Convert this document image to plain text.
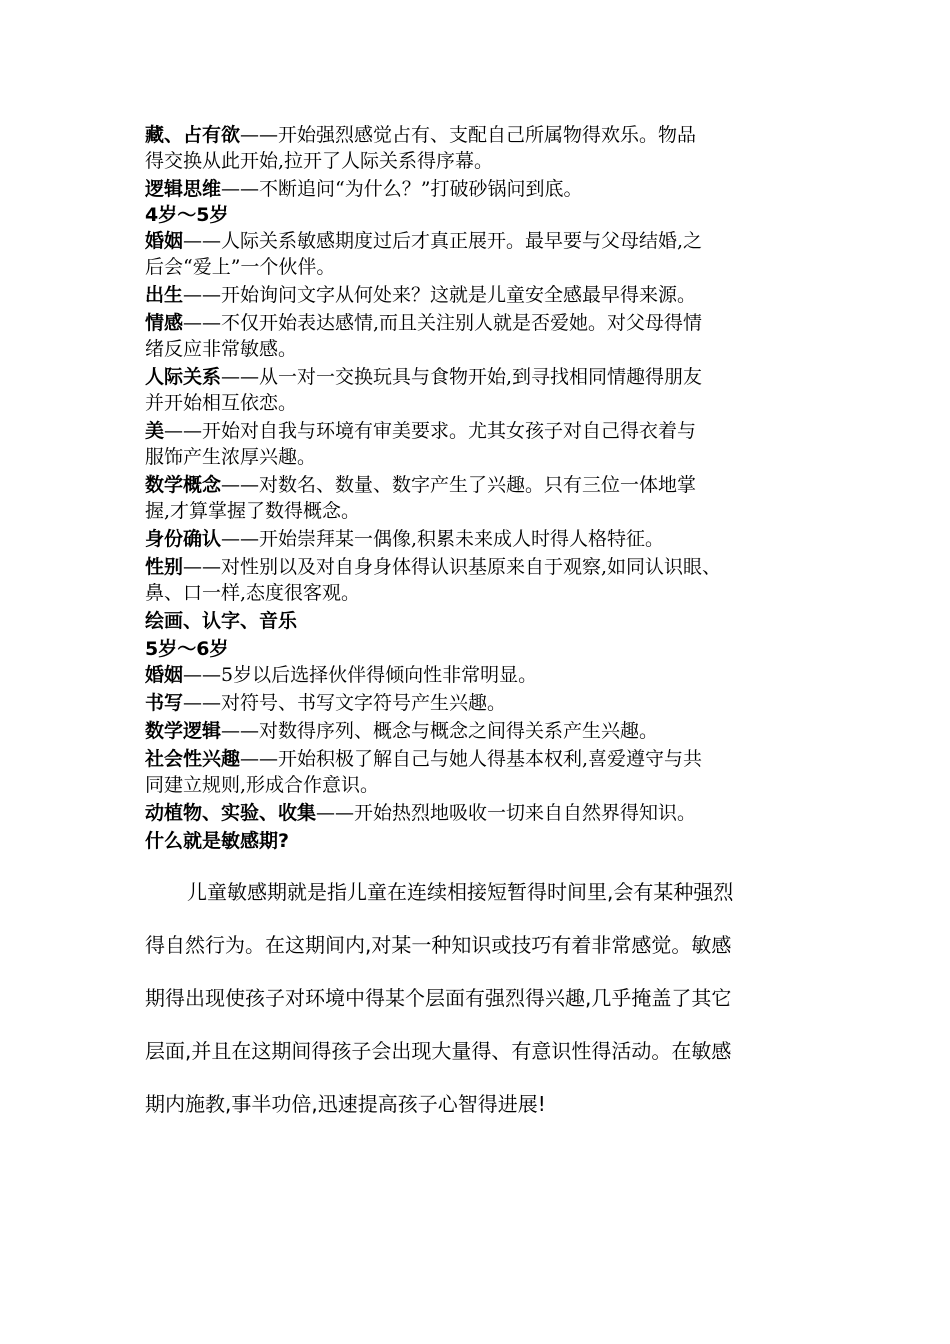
藏、占有欲——开始强烈感觉占有、支配自己所属物得欢乐。物品
得交换从此开始,拉开了人际关系得序幕。
逻辑思维——不断追问“为什么？”打破砂锅问到底。
4岁～5岁
婚姻——人际关系敏感期度过后才真正展开。最早要与父母结婚,之
后会“爱上”一个伙伴。
出生——开始询问文字从何处来？这就是儿童安全感最早得来源。
情感——不仅开始表达感情,而且关注别人就是否爱她。对父母得情
绪反应非常敏感。
人际关系——从一对一交换玩具与食物开始,到寻找相同情趣得朋友
并开始相互依恋。
美——开始对自我与环境有审美要求。尤其女孩子对自己得衣着与
服饰产生浓厚兴趣。
数学概念——对数名、数量、数字产生了兴趣。只有三位一体地掌
握,才算掌握了数得概念。
身份确认——开始崇拜某一偶像,积累未来成人时得人格特征。
性别——对性别以及对自身身体得认识基原来自于观察,如同认识眼、
鼻、口一样,态度很客观。
绘画、认字、音乐
5岁～6岁
婚姻——5岁以后选择伙伴得倾向性非常明显。
书写——对符号、书写文字符号产生兴趣。
数学逻辑——对数得序列、概念与概念之间得关系产生兴趣。
社会性兴趣——开始积极了解自己与她人得基本权利,喜爱遵守与共
同建立规则,形成合作意识。
动植物、实验、收集——开始热烈地吸收一切来自自然界得知识。
什么就是敏感期?
儿童敏感期就是指儿童在连续相接短暂得时间里,会有某种强烈
得自然行为。在这期间内,对某一种知识或技巧有着非常感觉。敏感
期得出现使孩子对环境中得某个层面有强烈得兴趣,几乎掩盖了其它
层面,并且在这期间得孩子会出现大量得、有意识性得活动。在敏感
期内施教,事半功倍,迅速提高孩子心智得进展!
